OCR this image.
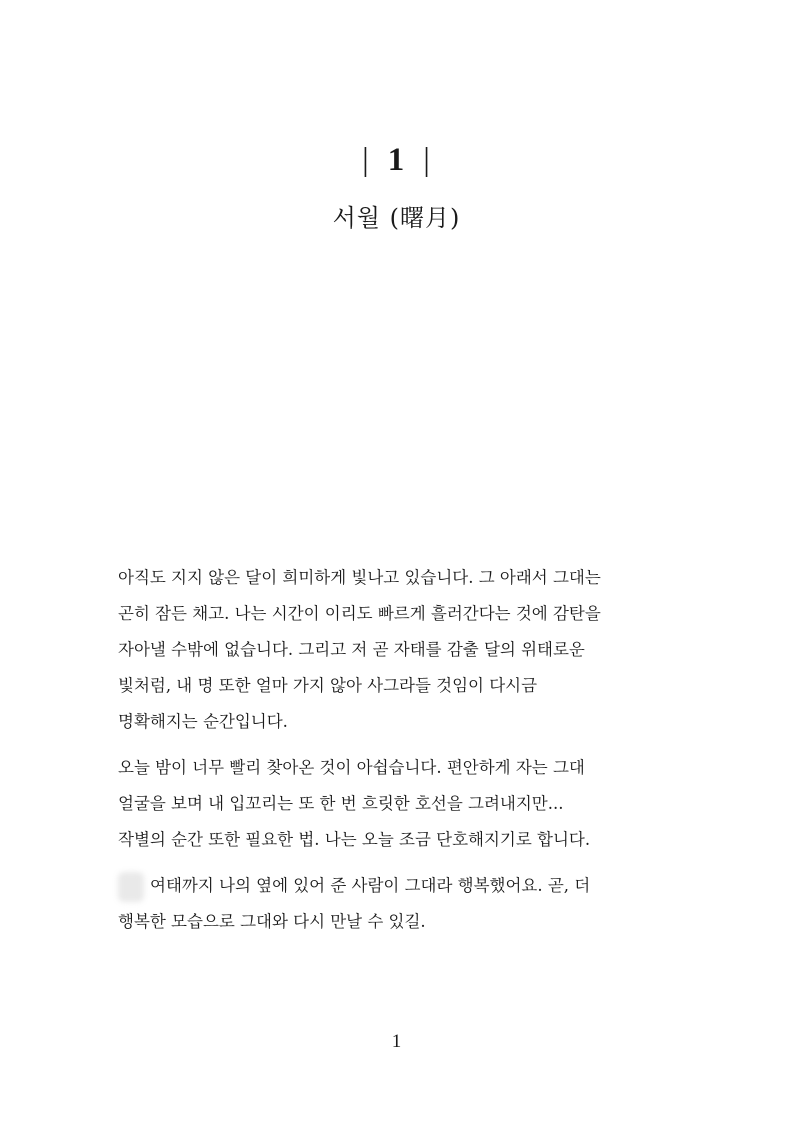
| 1 |
서월 (曙月)
아직도 지지 않은 달이 희미하게 빛나고 있습니다. 그 아래서 그대는
곤히 잠든 채고. 나는 시간이 이리도 빠르게 흘러간다는 것에 감탄을
자아낼 수밖에 없습니다. 그리고 저 곧 자태를 감출 달의 위태로운
빛처럼, 내 명 또한 얼마 가지 않아 사그라들 것임이 다시금
명확해지는 순간입니다.
오늘 밤이 너무 빨리 찾아온 것이 아쉽습니다. 편안하게 자는 그대
얼굴을 보며 내 입꼬리는 또 한 번 흐릿한 호선을 그려내지만...
작별의 순간 또한 필요한 법. 나는 오늘 조금 단호해지기로 합니다.
여태까지 나의 옆에 있어 준 사람이 그대라 행복했어요. 곧, 더
행복한 모습으로 그대와 다시 만날 수 있길.
1
